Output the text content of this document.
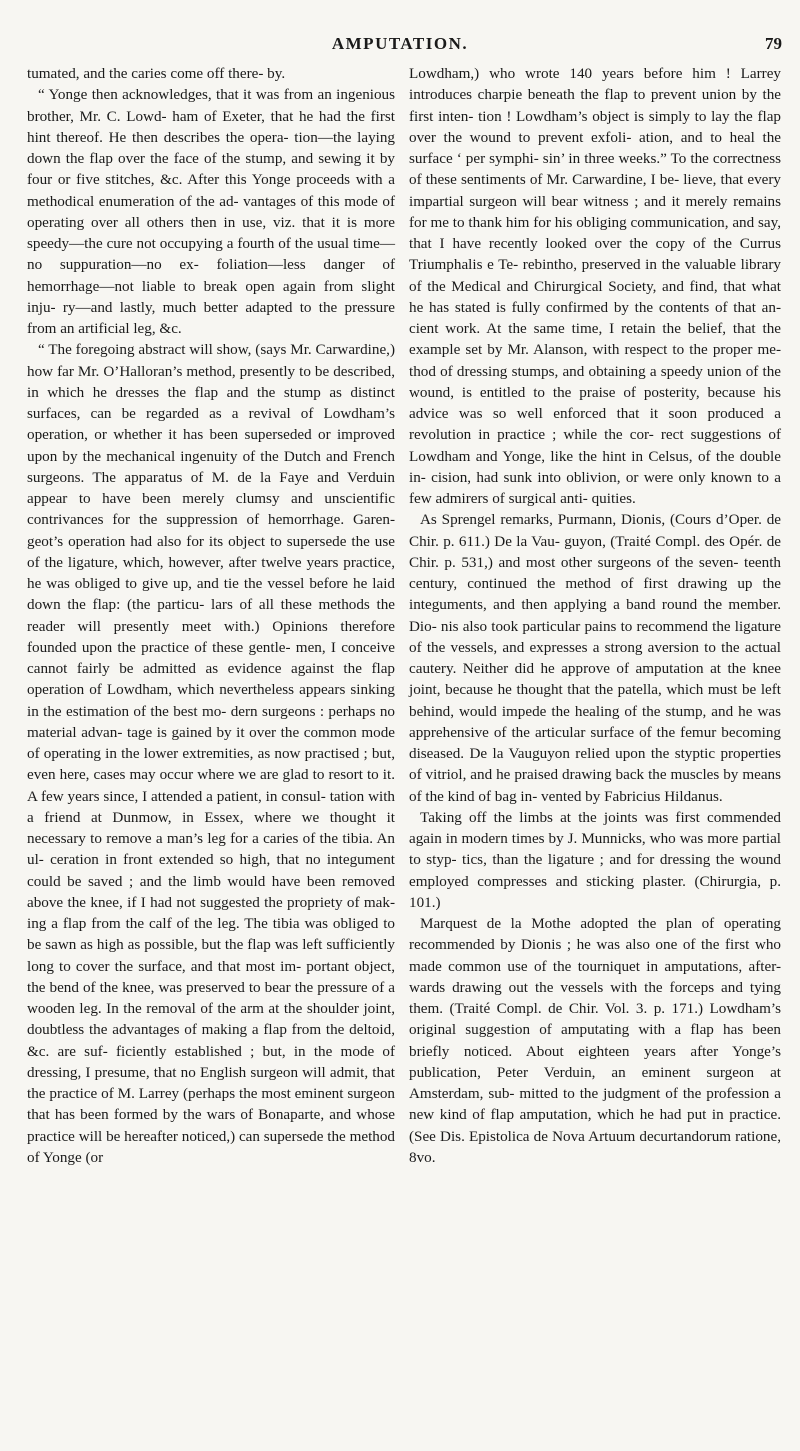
AMPUTATION.	79

tumated, and the caries come off there- by.

“ Yonge then acknowledges, that it was from an ingenious brother, Mr. C. Lowd- ham of Exeter, that he had the first hint thereof. He then describes the opera- tion—the laying down the flap over the face of the stump, and sewing it by four or five stitches, &c. After this Yonge proceeds with a methodical enumeration of the ad- vantages of this mode of operating over all others then in use, viz. that it is more speedy—the cure not occupying a fourth of the usual time—no suppuration—no ex- foliation—less danger of hemorrhage—not liable to break open again from slight inju- ry—and lastly, much better adapted to the pressure from an artificial leg, &c.

“ The foregoing abstract will show, (says Mr. Carwardine,) how far Mr. O’Halloran’s method, presently to be described, in which he dresses the flap and the stump as distinct surfaces, can be regarded as a revival of Lowdham’s operation, or whether it has been superseded or improved upon by the mechanical ingenuity of the Dutch and French surgeons. The apparatus of M. de la Faye and Verduin appear to have been merely clumsy and unscientific contrivances for the suppression of hemorrhage. Garen- geot’s operation had also for its object to supersede the use of the ligature, which, however, after twelve years practice, he was obliged to give up, and tie the vessel before he laid down the flap: (the particu- lars of all these methods the reader will presently meet with.) Opinions therefore founded upon the practice of these gentle- men, I conceive cannot fairly be admitted as evidence against the flap operation of Lowdham, which nevertheless appears sinking in the estimation of the best mo- dern surgeons : perhaps no material advan- tage is gained by it over the common mode of operating in the lower extremities, as now practised ; but, even here, cases may occur where we are glad to resort to it. A few years since, I attended a patient, in consul- tation with a friend at Dunmow, in Essex, where we thought it necessary to remove a man’s leg for a caries of the tibia. An ul- ceration in front extended so high, that no integument could be saved ; and the limb would have been removed above the knee, if I had not suggested the propriety of mak- ing a flap from the calf of the leg. The tibia was obliged to be sawn as high as possible, but the flap was left sufficiently long to cover the surface, and that most im- portant object, the bend of the knee, was preserved to bear the pressure of a wooden leg. In the removal of the arm at the shoulder joint, doubtless the advantages of making a flap from the deltoid, &c. are suf- ficiently established ; but, in the mode of dressing, I presume, that no English surgeon will admit, that the practice of M. Larrey (perhaps the most eminent surgeon that has been formed by the wars of Bonaparte, and whose practice will be hereafter noticed,) can supersede the method of Yonge (or

Lowdham,) who wrote 140 years before him ! Larrey introduces charpie beneath the flap to prevent union by the first inten- tion ! Lowdham’s object is simply to lay the flap over the wound to prevent exfoli- ation, and to heal the surface ‘ per symphi- sin’ in three weeks.” To the correctness of these sentiments of Mr. Carwardine, I be- lieve, that every impartial surgeon will bear witness ; and it merely remains for me to thank him for his obliging communication, and say, that I have recently looked over the copy of the Currus Triumphalis e Te- rebintho, preserved in the valuable library of the Medical and Chirurgical Society, and find, that what he has stated is fully confirmed by the contents of that an- cient work. At the same time, I retain the belief, that the example set by Mr. Alanson, with respect to the proper me- thod of dressing stumps, and obtaining a speedy union of the wound, is entitled to the praise of posterity, because his advice was so well enforced that it soon produced a revolution in practice ; while the cor- rect suggestions of Lowdham and Yonge, like the hint in Celsus, of the double in- cision, had sunk into oblivion, or were only known to a few admirers of surgical anti- quities.

As Sprengel remarks, Purmann, Dionis, (Cours d’Oper. de Chir. p. 611.) De la Vau- guyon, (Traité Compl. des Opér. de Chir. p. 531,) and most other surgeons of the seven- teenth century, continued the method of first drawing up the integuments, and then applying a band round the member. Dio- nis also took particular pains to recommend the ligature of the vessels, and expresses a strong aversion to the actual cautery. Neither did he approve of amputation at the knee joint, because he thought that the patella, which must be left behind, would impede the healing of the stump, and he was apprehensive of the articular surface of the femur becoming diseased. De la Vauguyon relied upon the styptic properties of vitriol, and he praised drawing back the muscles by means of the kind of bag in- vented by Fabricius Hildanus.

Taking off the limbs at the joints was first commended again in modern times by J. Munnicks, who was more partial to styp- tics, than the ligature ; and for dressing the wound employed compresses and sticking plaster. (Chirurgia, p. 101.)

Marquest de la Mothe adopted the plan of operating recommended by Dionis ; he was also one of the first who made common use of the tourniquet in amputations, after- wards drawing out the vessels with the forceps and tying them. (Traité Compl. de Chir. Vol. 3. p. 171.) Lowdham’s original suggestion of amputating with a flap has been briefly noticed. About eighteen years after Yonge’s publication, Peter Verduin, an eminent surgeon at Amsterdam, sub- mitted to the judgment of the profession a new kind of flap amputation, which he had put in practice. (See Dis. Epistolica de Nova Artuum decurtandorum ratione, 8vo.
